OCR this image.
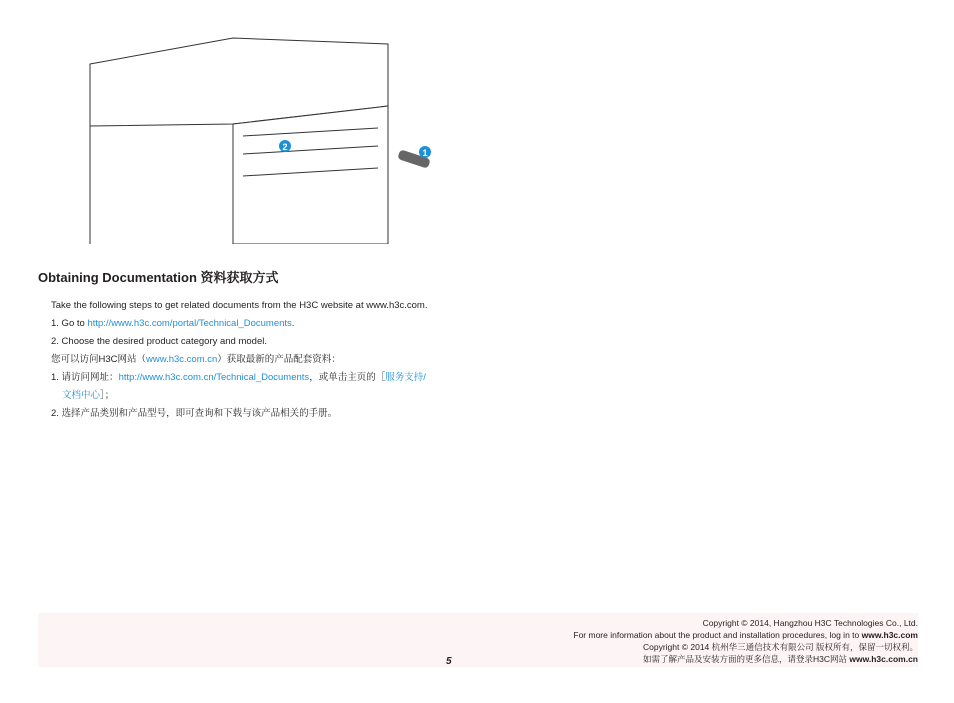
1
2
Obtaining Documentation 资料获取方式
Take the following steps to get related documents from the H3C website at www.h3c.com.
1. Go to http://www.h3c.com/portal/Technical_Documents.
2. Choose the desired product category and model.
您可以访问H3C网站（www.h3c.com.cn）获取最新的产品配套资料：
1. 请访问网址：http://www.h3c.com.cn/Technical_Documents，或单击主页的［服务支持/
文档中心］；
2. 选择产品类别和产品型号，即可查询和下载与该产品相关的手册。
5
Copyright © 2014, Hangzhou H3C Technologies Co., Ltd.
For more information about the product and installation procedures, log in to www.h3c.com
Copyright © 2014 杭州华三通信技术有限公司 版权所有，保留一切权利。
如需了解产品及安装方面的更多信息，请登录H3C网站 www.h3c.com.cn
